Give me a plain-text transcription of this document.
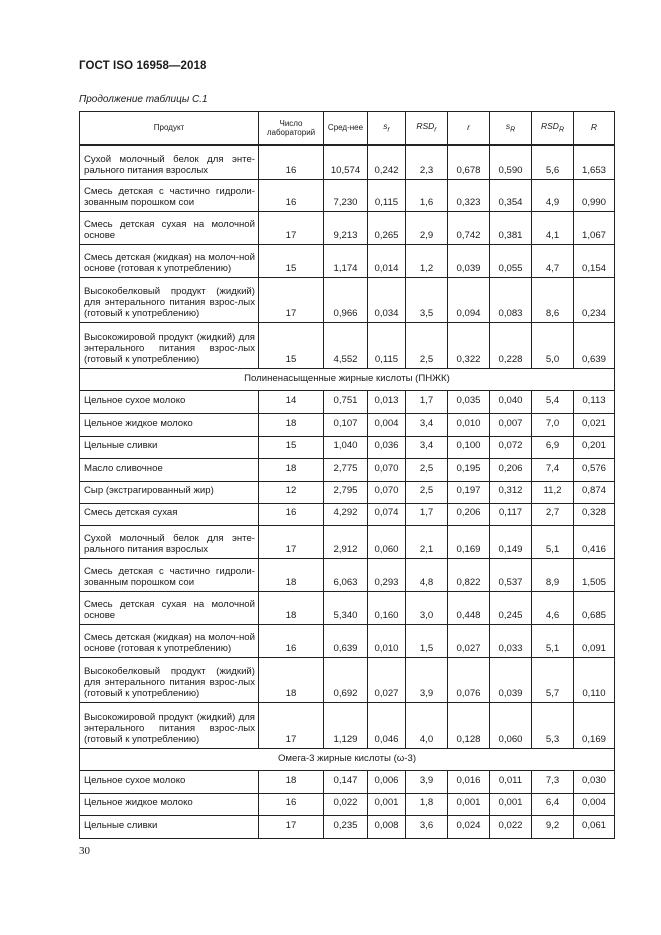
ГОСТ ISO 16958—2018
Продолжение таблицы С.1
Продукт	Число лабораторий	Сред-нее	$s_r$	$RSD_r$	r	$s_R$	$RSD_R$	R
Сухой молочный белок для энте-рального питания взрослых	16	10,574	0,242	2,3	0,678	0,590	5,6	1,653
Смесь детская с частично гидроли-зованным порошком сои	16	7,230	0,115	1,6	0,323	0,354	4,9	0,990
Смесь детская сухая на молочной основе	17	9,213	0,265	2,9	0,742	0,381	4,1	1,067
Смесь детская (жидкая) на молоч-ной основе (готовая к употреблению)	15	1,174	0,014	1,2	0,039	0,055	4,7	0,154
Высокобелковый продукт (жидкий) для энтерального питания взрос-лых (готовый к употреблению)	17	0,966	0,034	3,5	0,094	0,083	8,6	0,234
Высокожировой продукт (жидкий) для энтерального питания взрос-лых (готовый к употреблению)	15	4,552	0,115	2,5	0,322	0,228	5,0	0,639
Полиненасыщенные жирные кислоты (ПНЖК)								
Цельное сухое молоко	14	0,751	0,013	1,7	0,035	0,040	5,4	0,113
Цельное жидкое молоко	18	0,107	0,004	3,4	0,010	0,007	7,0	0,021
Цельные сливки	15	1,040	0,036	3,4	0,100	0,072	6,9	0,201
Масло сливочное	18	2,775	0,070	2,5	0,195	0,206	7,4	0,576
Сыр (экстрагированный жир)	12	2,795	0,070	2,5	0,197	0,312	11,2	0,874
Смесь детская сухая	16	4,292	0,074	1,7	0,206	0,117	2,7	0,328
Сухой молочный белок для энте-рального питания взрослых	17	2,912	0,060	2,1	0,169	0,149	5,1	0,416
Смесь детская с частично гидроли-зованным порошком сои	18	6,063	0,293	4,8	0,822	0,537	8,9	1,505
Смесь детская сухая на молочной основе	18	5,340	0,160	3,0	0,448	0,245	4,6	0,685
Смесь детская (жидкая) на молоч-ной основе (готовая к употреблению)	16	0,639	0,010	1,5	0,027	0,033	5,1	0,091
Высокобелковый продукт (жидкий) для энтерального питания взрос-лых (готовый к употреблению)	18	0,692	0,027	3,9	0,076	0,039	5,7	0,110
Высокожировой продукт (жидкий) для энтерального питания взрос-лых (готовый к употреблению)	17	1,129	0,046	4,0	0,128	0,060	5,3	0,169
Омега-3 жирные кислоты (ω-3)								
Цельное сухое молоко	18	0,147	0,006	3,9	0,016	0,011	7,3	0,030
Цельное жидкое молоко	16	0,022	0,001	1,8	0,001	0,001	6,4	0,004
Цельные сливки	17	0,235	0,008	3,6	0,024	0,022	9,2	0,061
30
